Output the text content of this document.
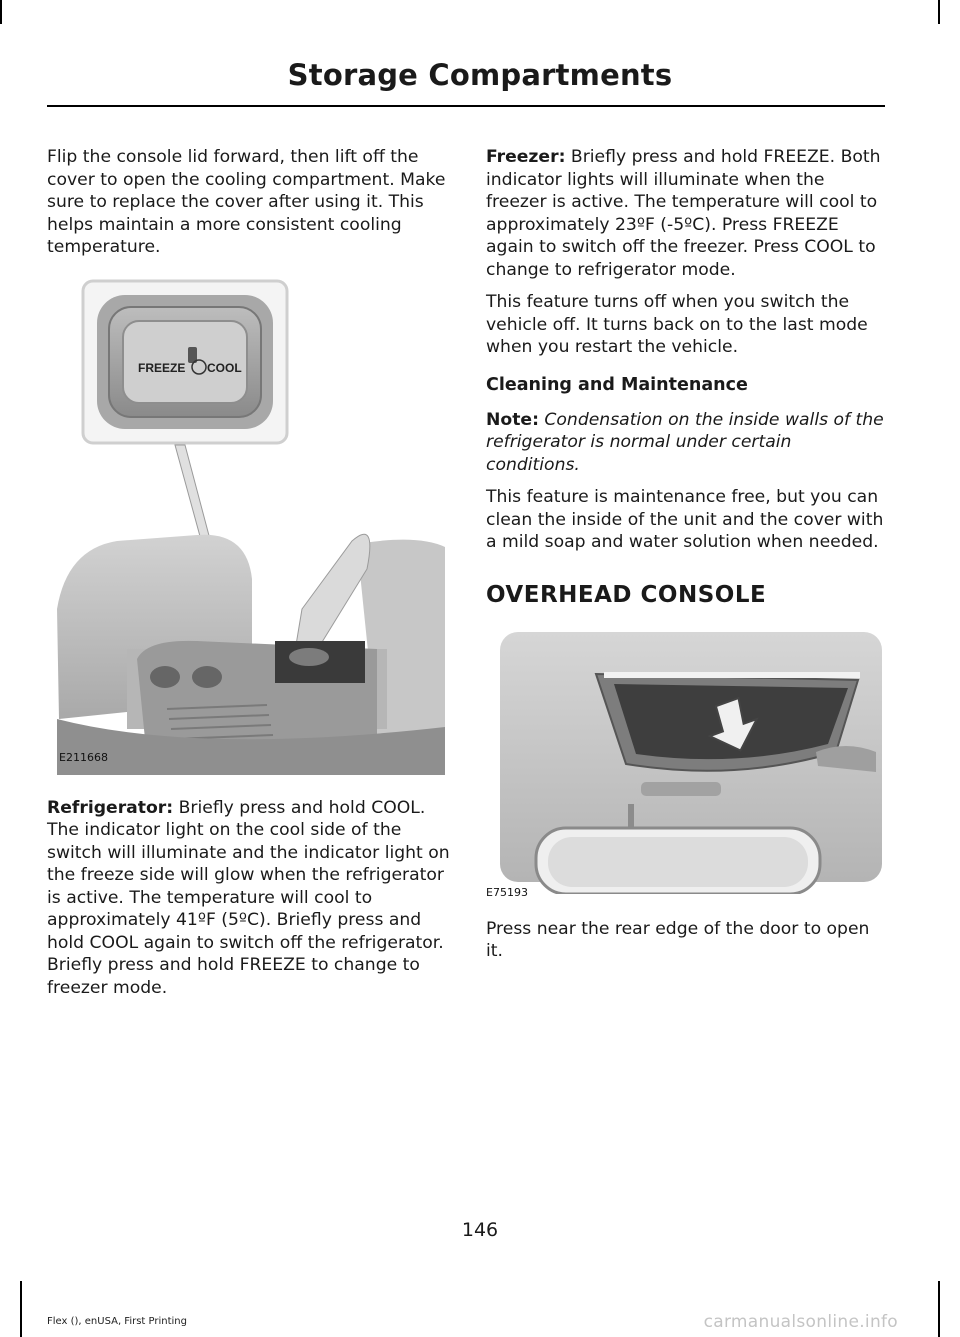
Storage Compartments

Flip the console lid forward, then lift off the cover to open the cooling compartment. Make sure to replace the cover after using it. This helps maintain a more consistent cooling temperature.

FREEZE COOL
E211668

Refrigerator: Briefly press and hold COOL. The indicator light on the cool side of the switch will illuminate and the indicator light on the freeze side will glow when the refrigerator is active. The temperature will cool to approximately 41ºF (5ºC). Briefly press and hold COOL again to switch off the refrigerator. Briefly press and hold FREEZE to change to freezer mode.

Freezer: Briefly press and hold FREEZE. Both indicator lights will illuminate when the freezer is active. The temperature will cool to approximately 23ºF (-5ºC). Press FREEZE again to switch off the freezer. Press COOL to change to refrigerator mode.

This feature turns off when you switch the vehicle off. It turns back on to the last mode when you restart the vehicle.

Cleaning and Maintenance

Note: Condensation on the inside walls of the refrigerator is normal under certain conditions.

This feature is maintenance free, but you can clean the inside of the unit and the cover with a mild soap and water solution when needed.

OVERHEAD CONSOLE
E75193

Press near the rear edge of the door to open it.

146
Flex (), enUSA, First Printing	carmanualsonline.info
